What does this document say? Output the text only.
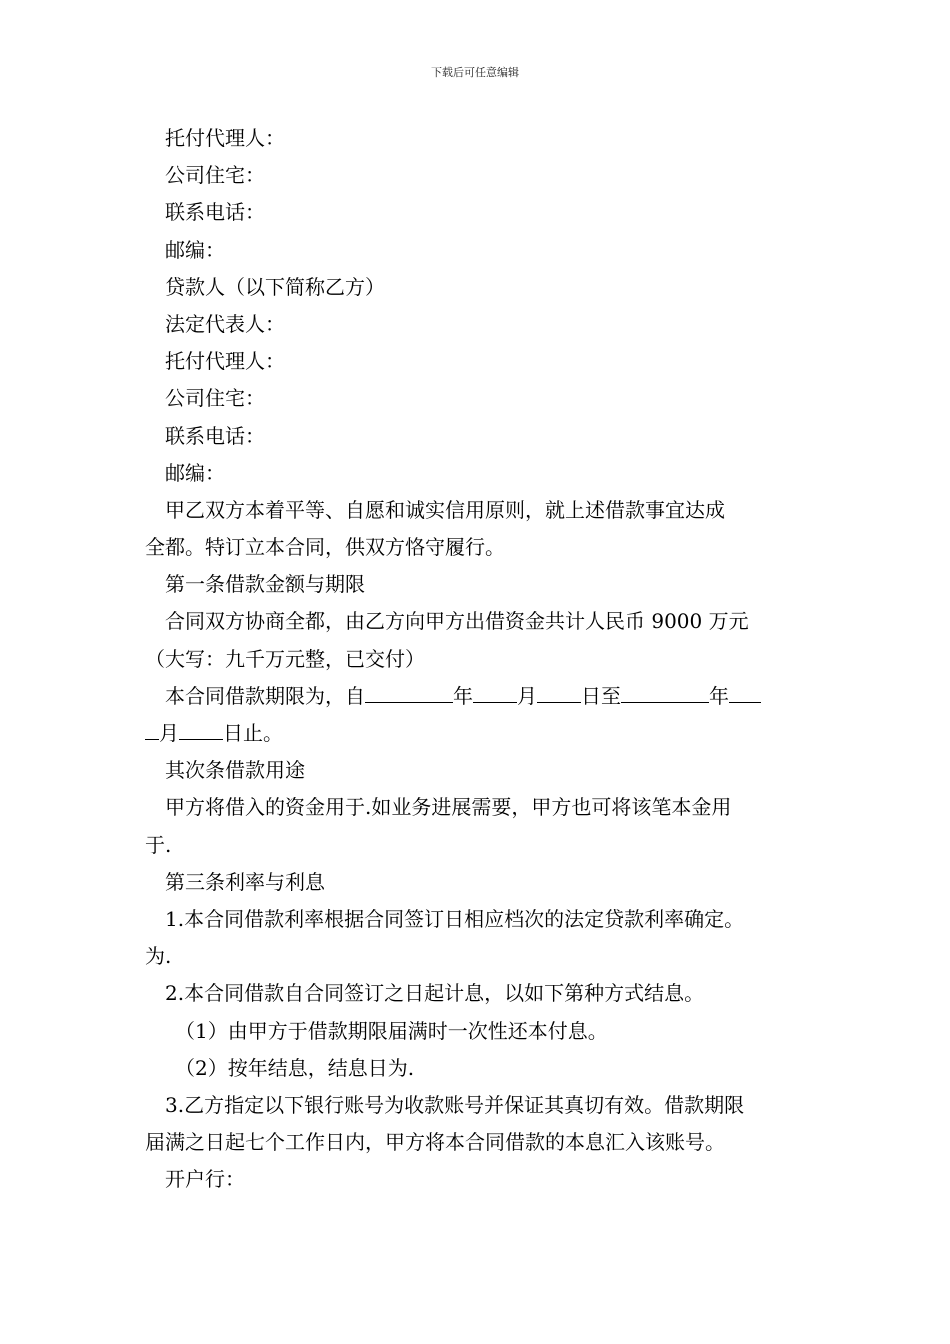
下载后可任意编辑
托付代理人：
公司住宅：
联系电话：
邮编：
贷款人（以下简称乙方）
法定代表人：
托付代理人：
公司住宅：
联系电话：
邮编：
甲乙双方本着平等、自愿和诚实信用原则，就上述借款事宜达成
全都。特订立本合同，供双方恪守履行。
第一条借款金额与期限
合同双方协商全都，由乙方向甲方出借资金共计人民币 9000 万元
（大写：九千万元整，已交付）
本合同借款期限为，自	年 月 日至	年
月 日止。
其次条借款用途
甲方将借入的资金用于.如业务进展需要，甲方也可将该笔本金用
于.
第三条利率与利息
1.本合同借款利率根据合同签订日相应档次的法定贷款利率确定。
为.
2.本合同借款自合同签订之日起计息，以如下第种方式结息。
（1）由甲方于借款期限届满时一次性还本付息。
（2）按年结息，结息日为.
3.乙方指定以下银行账号为收款账号并保证其真切有效。借款期限
届满之日起七个工作日内，甲方将本合同借款的本息汇入该账号。
开户行：
